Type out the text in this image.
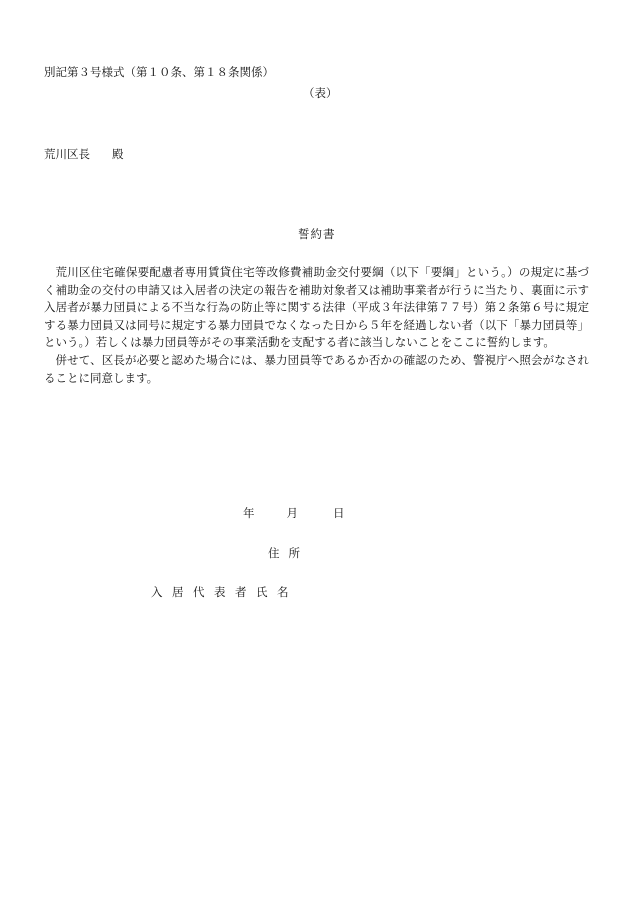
別記第３号様式（第１０条、第１８条関係）
（表）
荒川区長 殿
誓約書

荒川区住宅確保要配慮者専用賃貸住宅等改修費補助金交付要綱（以下「要綱」という。）の規定に基づく補助金の交付の申請又は入居者の決定の報告を補助対象者又は補助事業者が行うに当たり、裏面に示す入居者が暴力団員による不当な行為の防止等に関する法律（平成３年法律第７７号）第２条第６号に規定する暴力団員又は同号に規定する暴力団員でなくなった日から５年を経過しない者（以下「暴力団員等」という。）若しくは暴力団員等がその事業活動を支配する者に該当しないことをここに誓約します。

併せて、区長が必要と認めた場合には、暴力団員等であるか否かの確認のため、警視庁へ照会がなされることに同意します。

年	月	日
住所
入居代表者氏名
